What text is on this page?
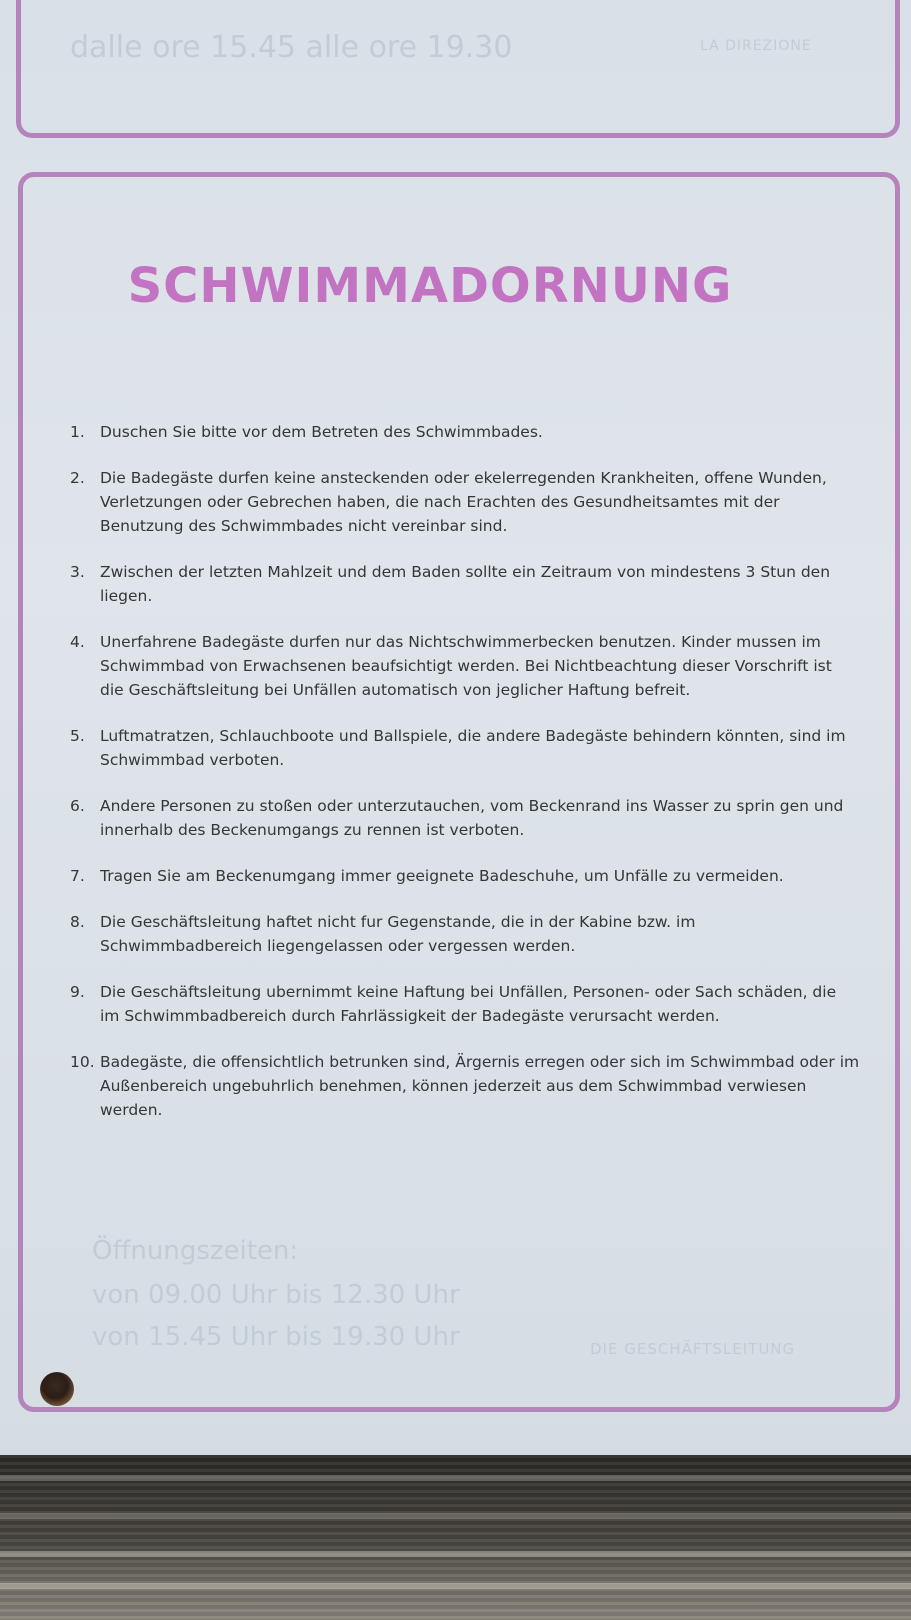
dalle ore 15.45 alle ore 19.30	LA DIREZIONE
SCHWIMMADORNUNG
1. Duschen Sie bitte vor dem Betreten des Schwimmbades.
2. Die Badegäste durfen keine ansteckenden oder ekelerregenden Krankheiten, offene Wunden, Verletzungen oder Gebrechen haben, die nach Erachten des Gesundheitsamtes mit der Benutzung des Schwimmbades nicht vereinbar sind.
3. Zwischen der letzten Mahlzeit und dem Baden sollte ein Zeitraum von mindestens 3 Stun den liegen.
4. Unerfahrene Badegäste durfen nur das Nichtschwimmerbecken benutzen. Kinder mussen im Schwimmbad von Erwachsenen beaufsichtigt werden. Bei Nichtbeachtung dieser Vorschrift ist die Geschäftsleitung bei Unfällen automatisch von jeglicher Haftung befreit.
5. Luftmatratzen, Schlauchboote und Ballspiele, die andere Badegäste behindern könnten, sind im Schwimmbad verboten.
6. Andere Personen zu stoßen oder unterzutauchen, vom Beckenrand ins Wasser zu sprin gen und innerhalb des Beckenumgangs zu rennen ist verboten.
7. Tragen Sie am Beckenumgang immer geeignete Badeschuhe, um Unfälle zu vermeiden.
8. Die Geschäftsleitung haftet nicht fur Gegenstande, die in der Kabine bzw. im Schwimmbadbereich liegengelassen oder vergessen werden.
9. Die Geschäftsleitung ubernimmt keine Haftung bei Unfällen, Personen- oder Sach schäden, die im Schwimmbadbereich durch Fahrlässigkeit der Badegäste verursacht werden.
10. Badegäste, die offensichtlich betrunken sind, Ärgernis erregen oder sich im Schwimmbad oder im Außenbereich ungebuhrlich benehmen, können jederzeit aus dem Schwimmbad verwiesen werden.
Öffnungszeiten:
von 09.00 Uhr bis 12.30 Uhr
von 15.45 Uhr bis 19.30 Uhr	DIE GESCHÄFTSLEITUNG
